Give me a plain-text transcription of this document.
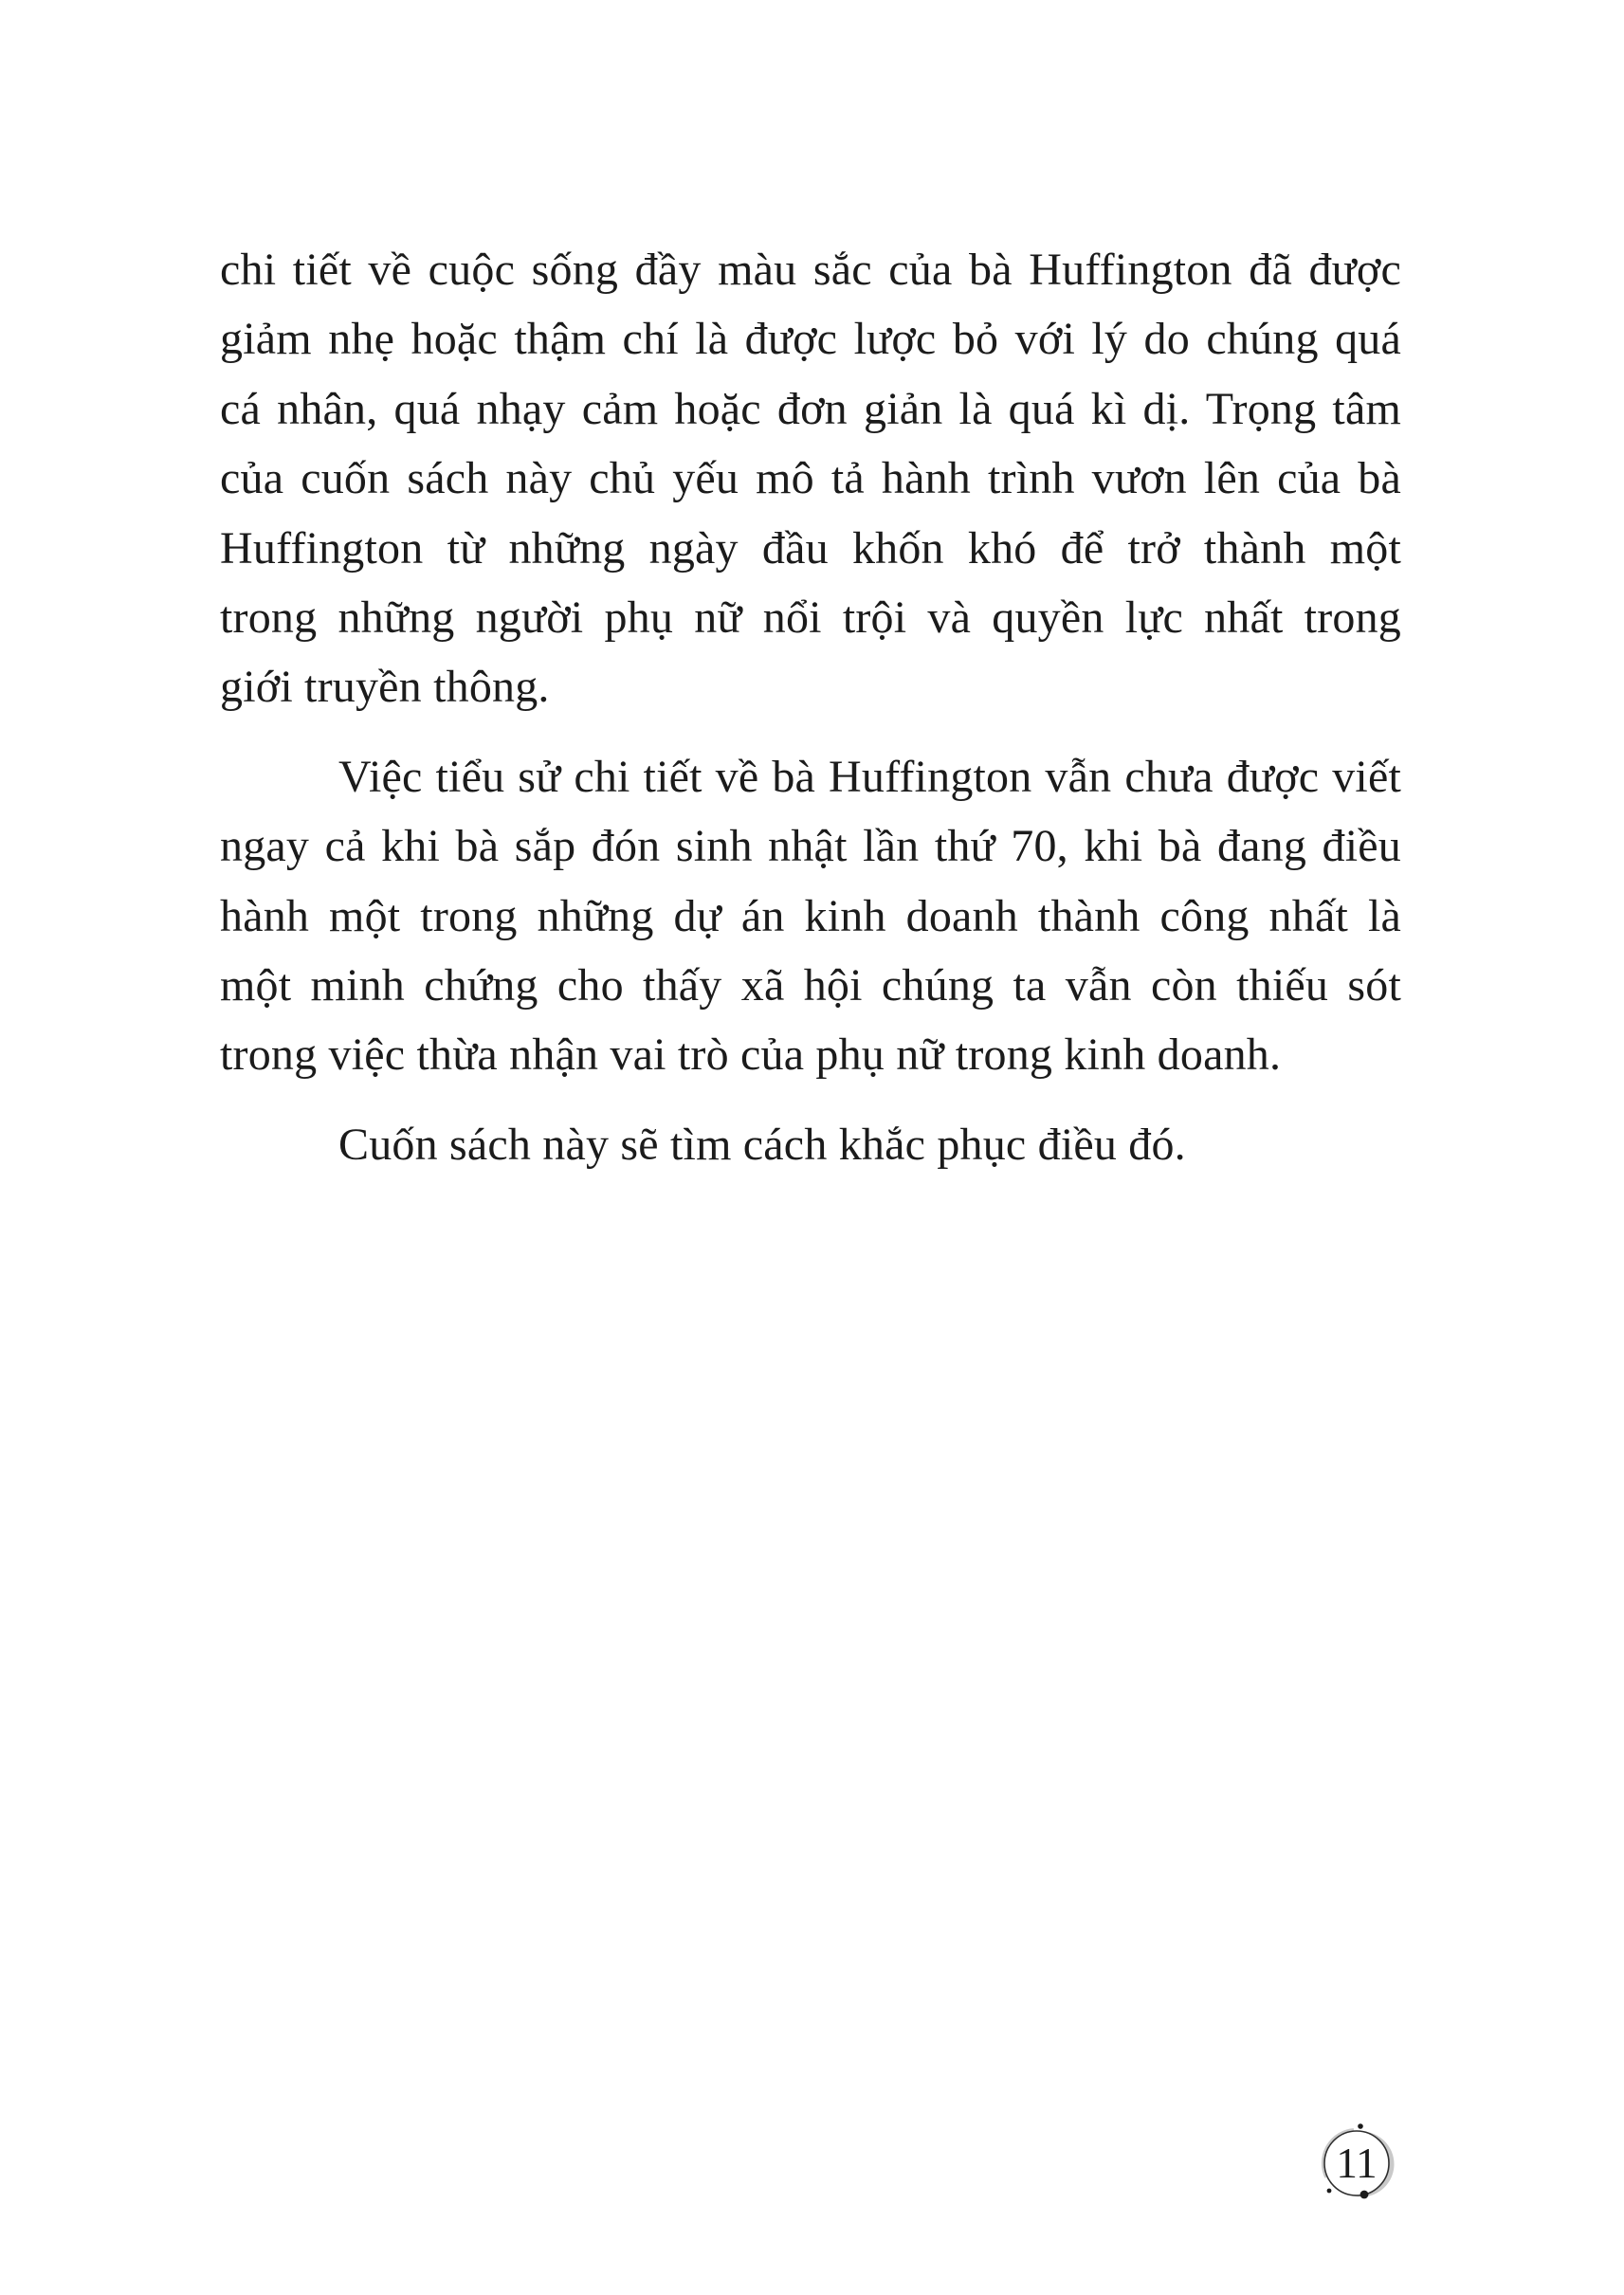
chi tiết về cuộc sống đầy màu sắc của bà Huffington đã được
giảm nhẹ hoặc thậm chí là được lược bỏ với lý do chúng quá
cá nhân, quá nhạy cảm hoặc đơn giản là quá kì dị. Trọng tâm
của cuốn sách này chủ yếu mô tả hành trình vươn lên của bà
Huffington từ những ngày đầu khốn khó để trở thành một
trong những người phụ nữ nổi trội và quyền lực nhất trong
giới truyền thông.
Việc tiểu sử chi tiết về bà Huffington vẫn chưa được viết
ngay cả khi bà sắp đón sinh nhật lần thứ 70, khi bà đang điều
hành một trong những dự án kinh doanh thành công nhất là
một minh chứng cho thấy xã hội chúng ta vẫn còn thiếu sót
trong việc thừa nhận vai trò của phụ nữ trong kinh doanh.
Cuốn sách này sẽ tìm cách khắc phục điều đó.
11
